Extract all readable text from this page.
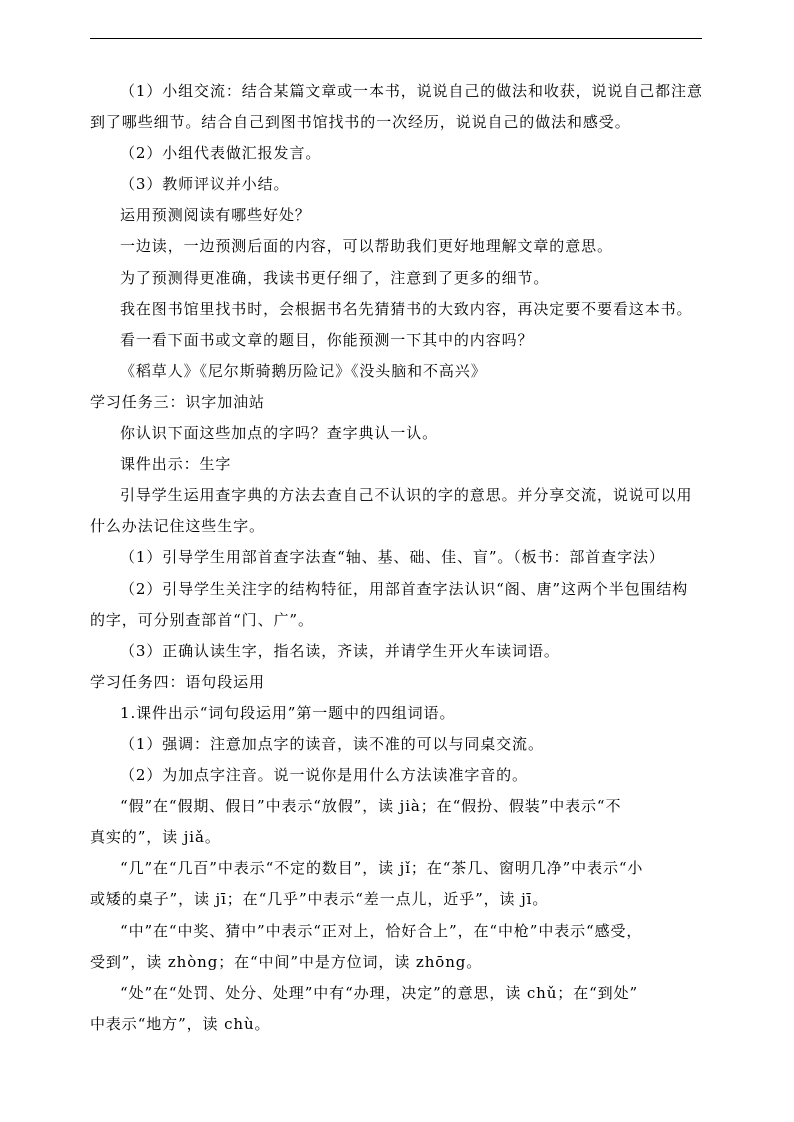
（1）小组交流：结合某篇文章或一本书，说说自己的做法和收获，说说自己都注意

到了哪些细节。结合自己到图书馆找书的一次经历，说说自己的做法和感受。

（2）小组代表做汇报发言。

（3）教师评议并小结。

运用预测阅读有哪些好处？

一边读，一边预测后面的内容，可以帮助我们更好地理解文章的意思。

为了预测得更准确，我读书更仔细了，注意到了更多的细节。

我在图书馆里找书时，会根据书名先猜猜书的大致内容，再决定要不要看这本书。

看一看下面书或文章的题目，你能预测一下其中的内容吗？

《稻草人》《尼尔斯骑鹅历险记》《没头脑和不高兴》

学习任务三：识字加油站

你认识下面这些加点的字吗？查字典认一认。

课件出示：生字

引导学生运用查字典的方法去查自己不认识的字的意思。并分享交流，说说可以用

什么办法记住这些生字。

（1）引导学生用部首查字法查“轴、基、础、佳、盲”。（板书：部首查字法）

（2）引导学生关注字的结构特征，用部首查字法认识“阁、唐”这两个半包围结构

的字，可分别查部首“门、广”。

（3）正确认读生字，指名读，齐读，并请学生开火车读词语。

学习任务四：语句段运用

1.课件出示“词句段运用”第一题中的四组词语。

（1）强调：注意加点字的读音，读不准的可以与同桌交流。

（2）为加点字注音。说一说你是用什么方法读准字音的。

“假”在“假期、假日”中表示“放假”，读 jià；在“假扮、假装”中表示“不

真实的”，读 jiǎ。

“几”在“几百”中表示“不定的数目”，读 jǐ；在“茶几、窗明几净”中表示“小

或矮的桌子”，读 jī；在“几乎”中表示“差一点儿，近乎”，读 jī。

“中”在“中奖、猜中”中表示“正对上，恰好合上”，在“中枪”中表示“感受，

受到”，读 zhòng；在“中间”中是方位词，读 zhōng。

“处”在“处罚、处分、处理”中有“办理，决定”的意思，读 chǔ；在“到处”

中表示“地方”，读 chù。
